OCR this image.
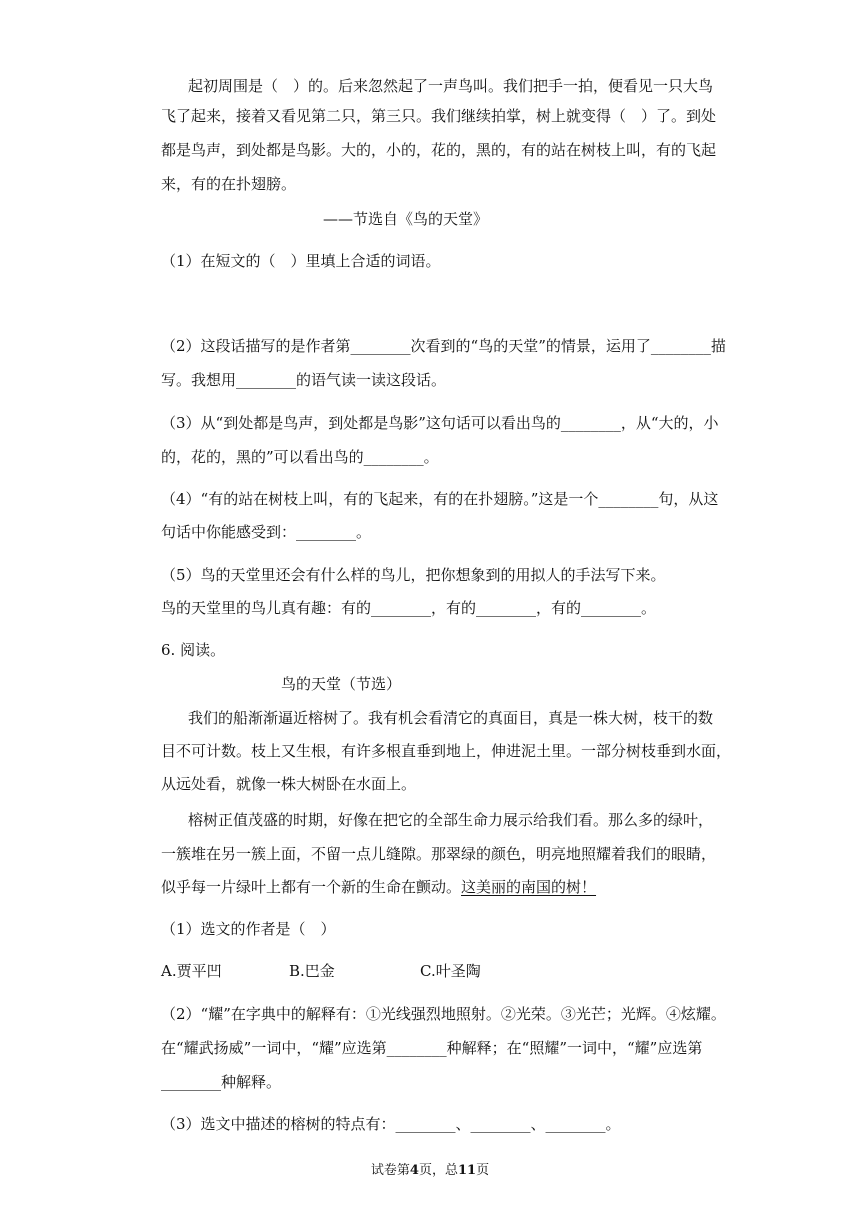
起初周围是（　）的。后来忽然起了一声鸟叫。我们把手一拍，便看见一只大鸟
飞了起来，接着又看见第二只，第三只。我们继续拍掌，树上就变得（　）了。到处
都是鸟声，到处都是鸟影。大的，小的，花的，黑的，有的站在树枝上叫，有的飞起
来，有的在扑翅膀。
——节选自《鸟的天堂》
（1）在短文的（　）里填上合适的词语。
（2）这段话描写的是作者第________次看到的“鸟的天堂”的情景，运用了________描
写。我想用________的语气读一读这段话。
（3）从“到处都是鸟声，到处都是鸟影”这句话可以看出鸟的________，从“大的，小
的，花的，黑的”可以看出鸟的________。
（4）“有的站在树枝上叫，有的飞起来，有的在扑翅膀。”这是一个________句，从这
句话中你能感受到：________。
（5）鸟的天堂里还会有什么样的鸟儿，把你想象到的用拟人的手法写下来。
鸟的天堂里的鸟儿真有趣：有的________，有的________，有的________。
6. 阅读。
鸟的天堂（节选）
我们的船渐渐逼近榕树了。我有机会看清它的真面目，真是一株大树，枝干的数
目不可计数。枝上又生根，有许多根直垂到地上，伸进泥土里。一部分树枝垂到水面，
从远处看，就像一株大树卧在水面上。
榕树正值茂盛的时期，好像在把它的全部生命力展示给我们看。那么多的绿叶，
一簇堆在另一簇上面，不留一点儿缝隙。那翠绿的颜色，明亮地照耀着我们的眼睛，
似乎每一片绿叶上都有一个新的生命在颤动。这美丽的南国的树！
（1）选文的作者是（　）
A.贾平凹	B.巴金	C.叶圣陶
（2）“耀”在字典中的解释有：①光线强烈地照射。②光荣。③光芒；光辉。④炫耀。
在“耀武扬威”一词中，“耀”应选第________种解释；在“照耀”一词中，“耀”应选第
________种解释。
（3）选文中描述的榕树的特点有：________、________、________。
试卷第4页，总11页
